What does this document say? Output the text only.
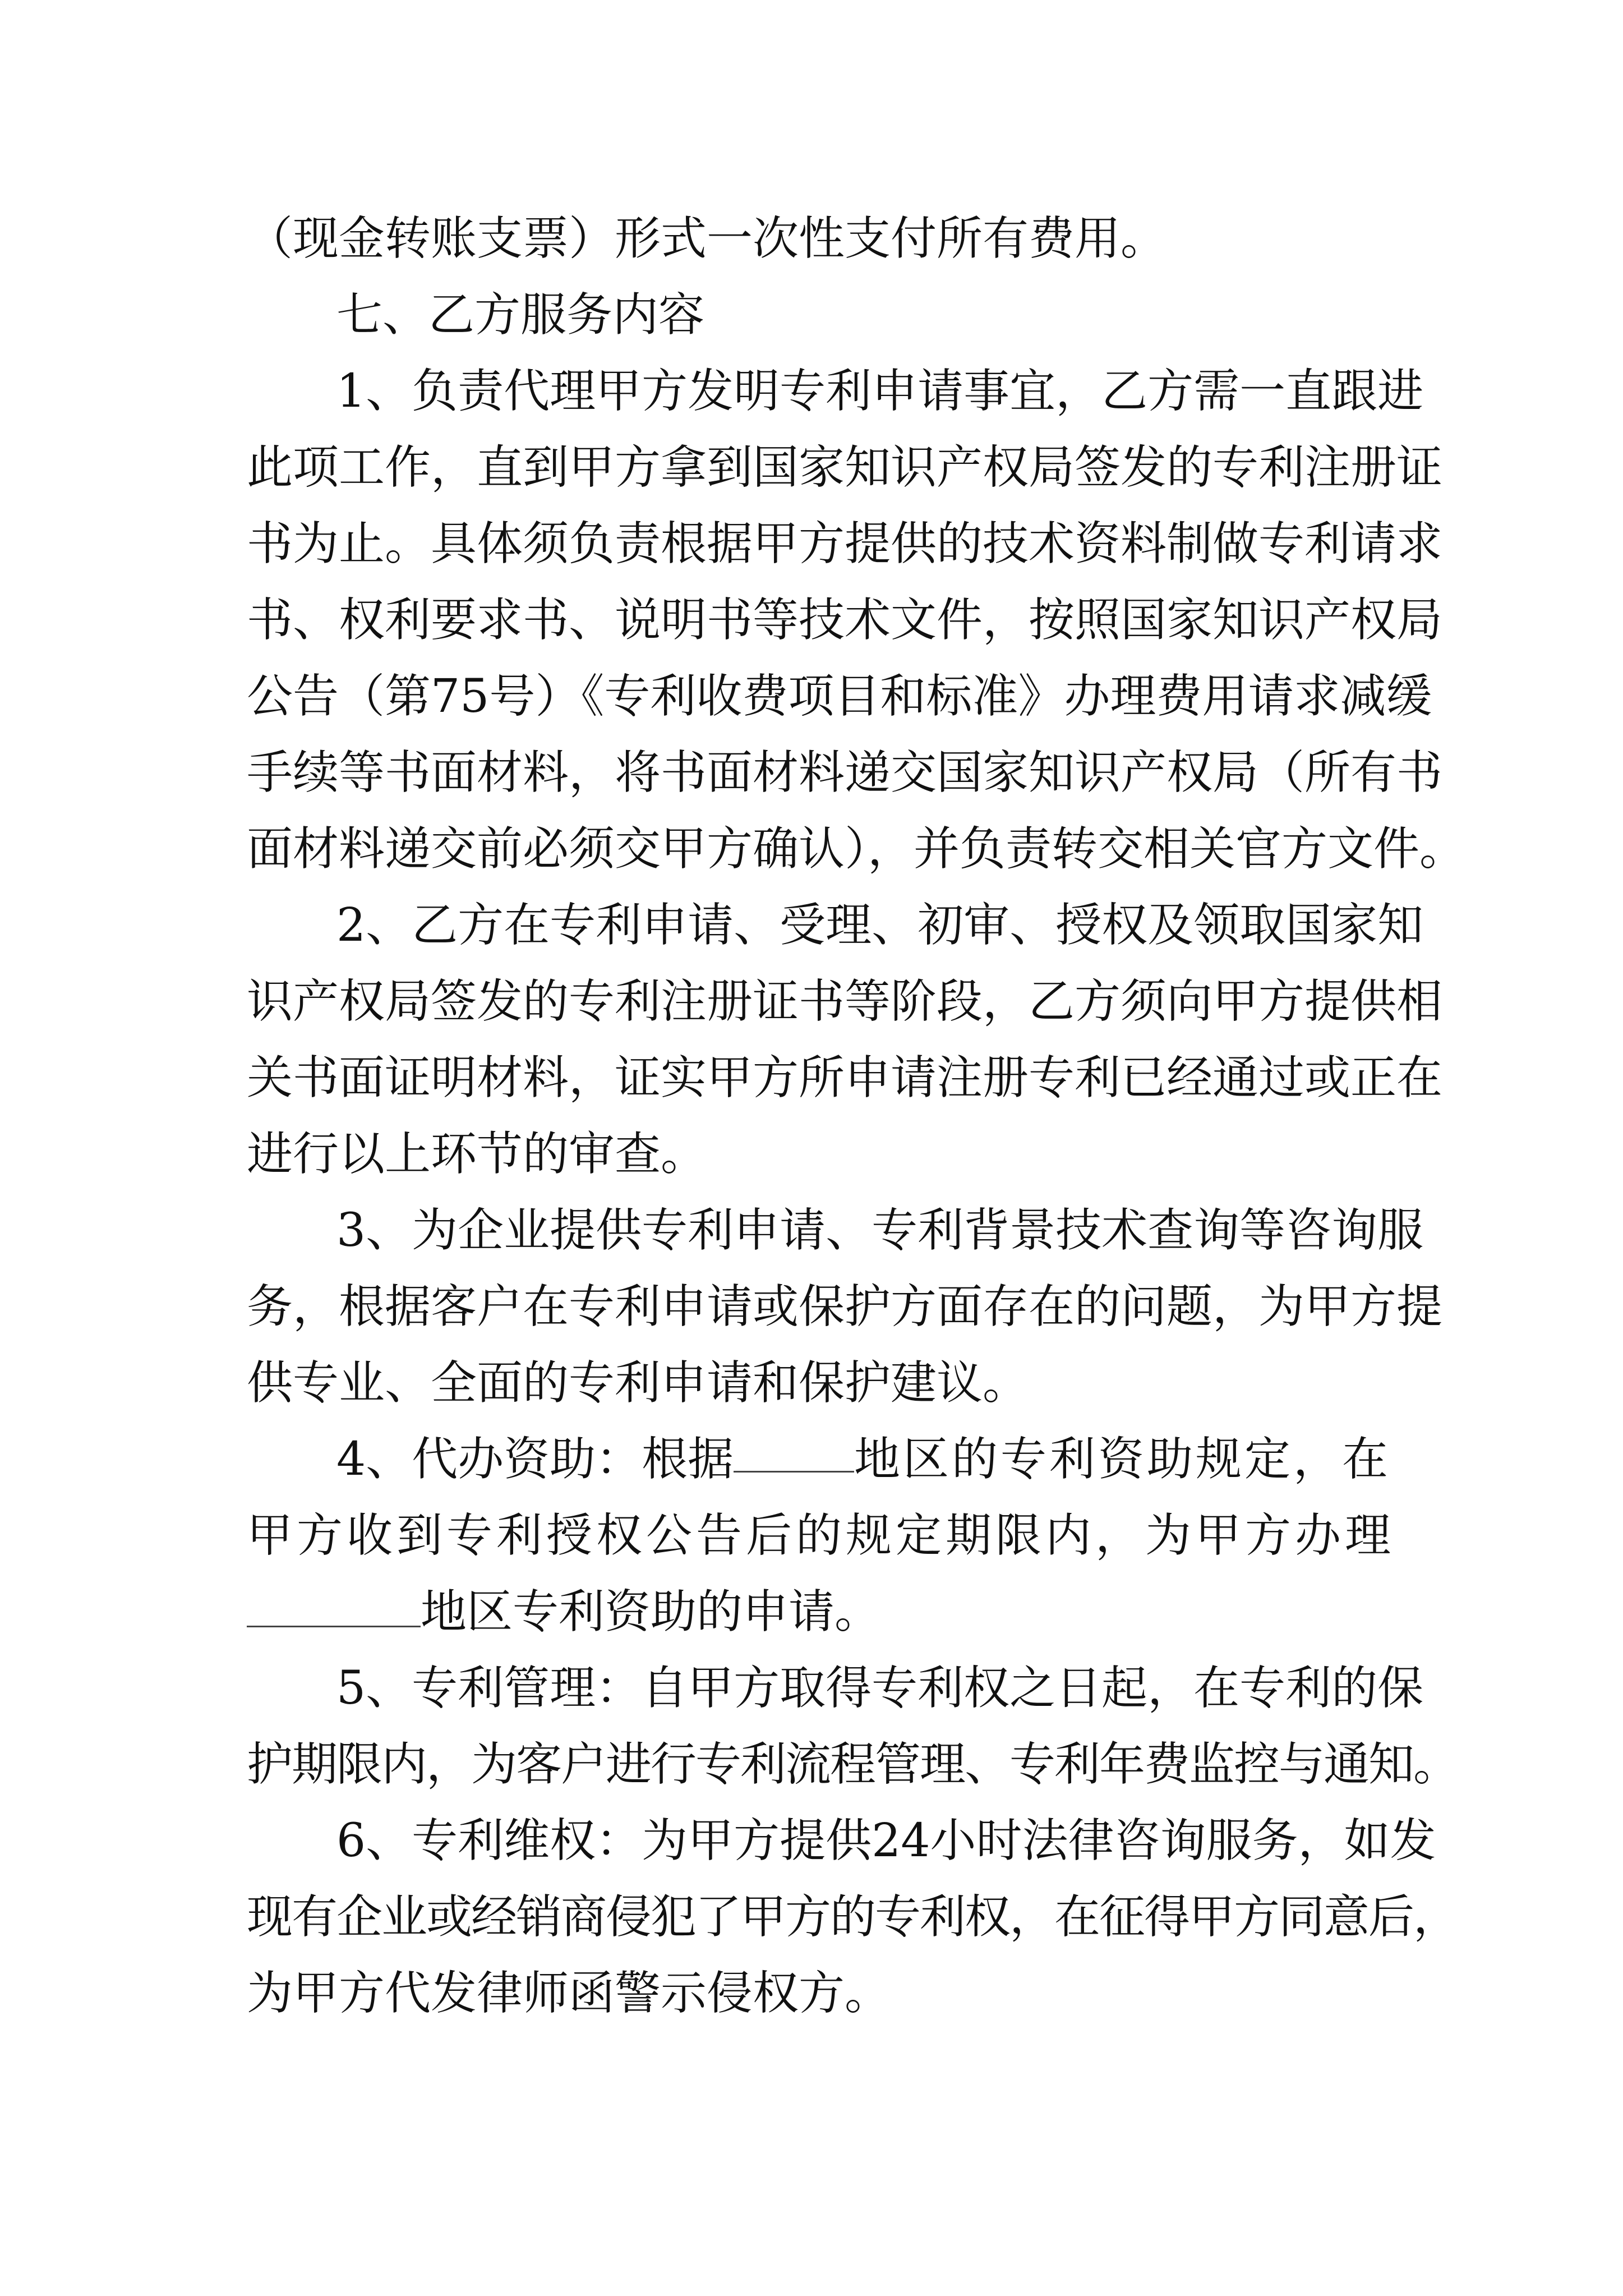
（现金转账支票）形式一次性支付所有费用。
七、乙方服务内容
1、负责代理甲方发明专利申请事宜，乙方需一直跟进
此项工作，直到甲方拿到国家知识产权局签发的专利注册证
书为止。具体须负责根据甲方提供的技术资料制做专利请求
书、权利要求书、说明书等技术文件，按照国家知识产权局
公告（第75号）《专利收费项目和标准》办理费用请求减缓
手续等书面材料，将书面材料递交国家知识产权局（所有书
面材料递交前必须交甲方确认），并负责转交相关官方文件。
2、乙方在专利申请、受理、初审、授权及领取国家知
识产权局签发的专利注册证书等阶段，乙方须向甲方提供相
关书面证明材料，证实甲方所申请注册专利已经通过或正在
进行以上环节的审查。
3、为企业提供专利申请、专利背景技术查询等咨询服
务，根据客户在专利申请或保护方面存在的问题，为甲方提
供专业、全面的专利申请和保护建议。
4、代办资助：根据	地区的专利资助规定，在
甲方收到专利授权公告后的规定期限内，为甲方办理
地区专利资助的申请。
5、专利管理：自甲方取得专利权之日起，在专利的保
护期限内，为客户进行专利流程管理、专利年费监控与通知。
6、专利维权：为甲方提供24小时法律咨询服务，如发
现有企业或经销商侵犯了甲方的专利权，在征得甲方同意后，
为甲方代发律师函警示侵权方。
